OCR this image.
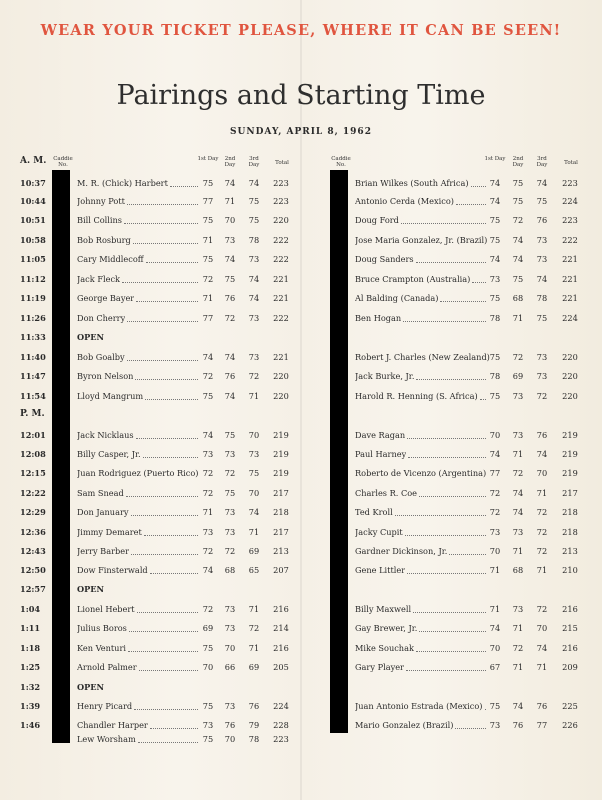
WEAR YOUR TICKET PLEASE, WHERE IT CAN BE SEEN!
Pairings and Starting Time
SUNDAY, APRIL 8, 1962
A. M.	Caddie No.
1st Day	2nd Day
3rd Day	Total
Caddie No.
1st Day	2nd Day
3rd Day	Total
P. M.
10:37	M. R. (Chick) Harbert	75	74	74	223	Brian Wilkes (South Africa)	74	75	74	223
10:44	Johnny Pott	77	71	75	223	Antonio Cerda (Mexico)	74	75	75	224
10:51	Bill Collins	75	70	75	220	Doug Ford	75	72	76	223
10:58	Bob Rosburg	71	73	78	222	Jose Maria Gonzalez, Jr. (Brazil) 75	74	73	222
11:05	Cary Middlecoff	75	74	73	222	Doug Sanders	74	74	73	221
11:12	Jack Fleck	72	75	74	221	Bruce Crampton (Australia)	73	75	74	221
11:19	George Bayer	71	76	74	221	Al Balding (Canada)	75	68	78	221
11:26	Don Cherry	77	72	73	222	Ben Hogan	78	71	75	224
11:33	OPEN
11:40	Bob Goalby	74	74	73	221	Robert J. Charles (New Zealand) 75	72	73	220
11:47	Byron Nelson	72	76	72	220	Jack Burke, Jr.	78	69	73	220
11:54	Lloyd Mangrum	75	74	71	220	Harold R. Henning (S. Africa)	75	73	72	220
12:01	Jack Nicklaus	74	75	70	219	Dave Ragan	70	73	76	219
12:08	Billy Casper, Jr.	73	73	73	219	Paul Harney	74	71	74	219
12:15	Juan Rodriguez (Puerto Rico) 72	72	75	219	Roberto de Vicenzo (Argentina) 77	72	70	219
12:22	Sam Snead	72	75	70	217	Charles R. Coe	72	74	71	217
12:29	Don January	71	73	74	218	Ted Kroll	72	74	72	218
12:36	Jimmy Demaret	73	73	71	217	Jacky Cupit	73	73	72	218
12:43	Jerry Barber	72	72	69	213	Gardner Dickinson, Jr.	70	71	72	213
12:50	Dow Finsterwald	74	68	65	207	Gene Littler	71	68	71	210
12:57	OPEN
1:04	Lionel Hebert	72	73	71	216	Billy Maxwell	71	73	72	216
1:11	Julius Boros	69	73	72	214	Gay Brewer, Jr.	74	71	70	215
1:18	Ken Venturi	75	70	71	216	Mike Souchak	70	72	74	216
1:25	Arnold Palmer	70	66	69	205	Gary Player	67	71	71	209
1:32	OPEN
1:39	Henry Picard	75	73	76	224	Juan Antonio Estrada (Mexico) 75	74	76	225
1:46	Chandler Harper	73	76	79	228	Mario Gonzalez (Brazil)	73	76	77	226
Lew Worsham	75	70	78	223
